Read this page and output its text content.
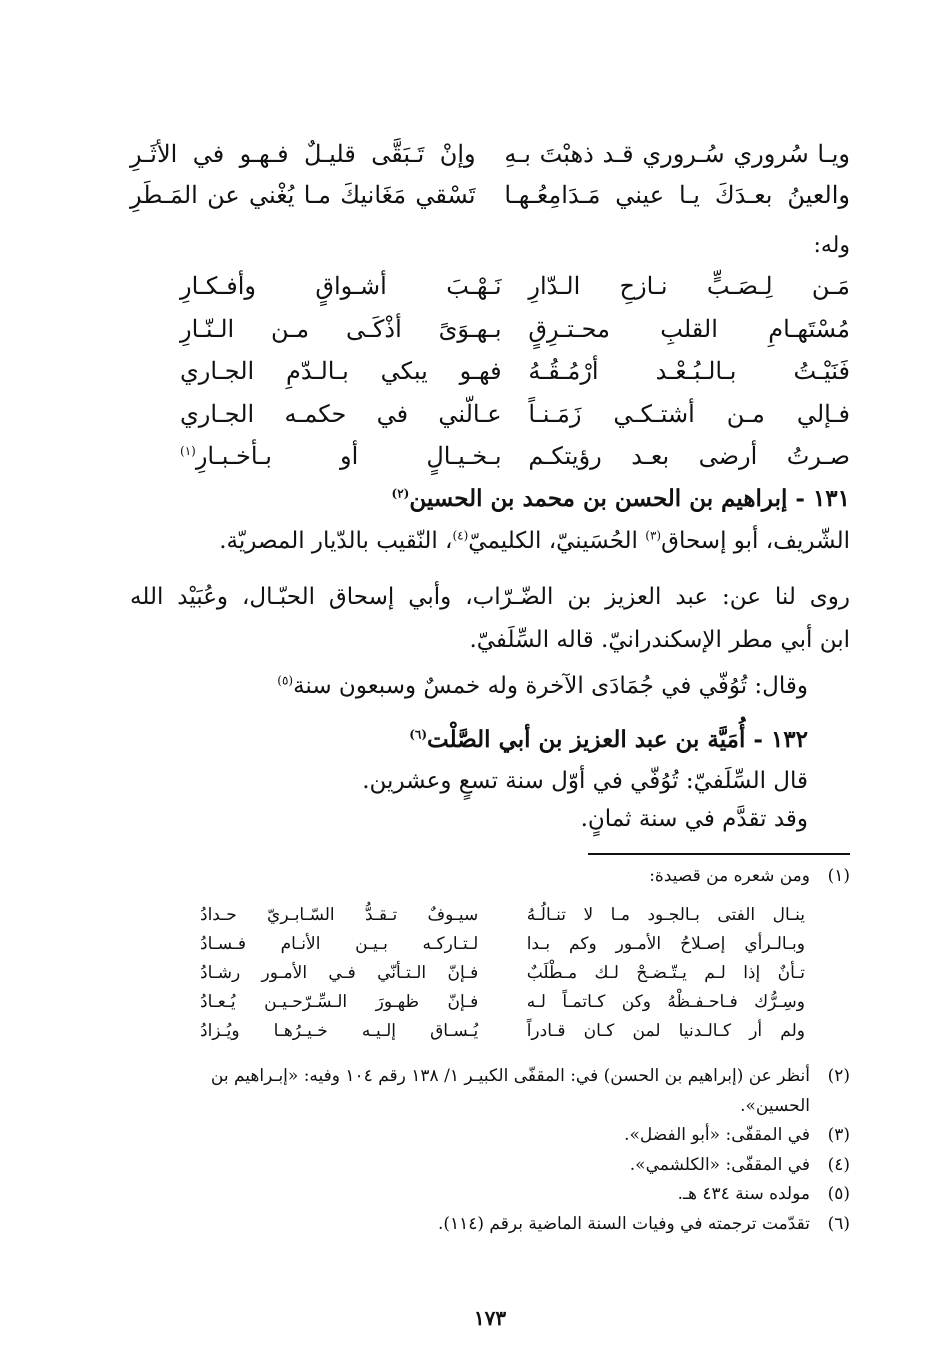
ويـا سُروري سُـروري قـد ذهبْتَ بـهِ
وإنْ تَـبَقَّى قليـلٌ فـهـو في الأثَـرِ
والعينُ بعـدَكَ يـا عيني مَـدَامِعُـهـا
تَسْقي مَغَانيكَ مـا يُغْني عن المَـطَرِ
وله:
مَـن لِـصَـبٍّ نـازحِ الـدّارِ
نَـهْـبَ أشـواقٍ وأفـكـارِ
مُسْتَهـامِ القلبِ محـتـرِقٍ
بـهـوَىً أذْكَـى مـن الـنّـارِ
فَنَيْـتُ بـالـبُـعْـد أرْمُـقُـهُ
فهـو يبكي بـالـدّمِ الجـاري
فـإلي مـن أشتـكـي زَمَـنـاً
عـالّني في حكمـه الجـاري
صـرتُ أرضى بعـد رؤيتكـم
بـخـيـالٍ أو بـأخـبـارِ$^{(١)}$
١٣١ - إبراهيم بن الحسن بن محمد بن الحسين$^{(٢)}$
الشّريف، أبو إسحاق$^{(٣)}$ الحُسَينيّ، الكليميّ$^{(٤)}$، النّقيب بالدّيار المصريّة.
روى لنا عن: عبد العزيز بن الضّـرّاب، وأبي إسحاق الحبّـال، وعُبَيْد الله
ابن أبي مطر الإسكندرانيّ. قاله السِّلَفيّ.
وقال: تُوُفّي في جُمَادَى الآخرة وله خمسٌ وسبعون سنة$^{(٥)}$
١٣٢ - أُمَيَّة بن عبد العزيز بن أبي الصَّلْت$^{(٦)}$
قال السِّلَفيّ: تُوُفّي في أوّل سنة تسعٍ وعشرين.
وقد تقدَّم في سنة ثمانٍ.
(١)ومن شعره من قصيدة:
ينـال الفتى بـالجـود مـا لا تنـالُـهُ
سيـوفٌ تـقـدُّ السّـابـريّ حـدادُ
وبـالـرأي إصـلاحُ الأمـور وكم بـدا
لـتـاركـه بـيـن الأنـام فـسـادُ
تـأنٌ إذا لـم يـتّـضـحْ لـك مـطْلَبٌ
فـإنّ الـتـأنّي فـي الأمـور رشـادُ
وسِـرُّك فـاحـفـظْهُ وكن كـاتمـاً لـه
فـإنّ ظهـورَ الـسِّـرّحـيـن يُـعـادُ
ولم أر كـالـدنيا لمن كـان قـادراً
يُـسـاق إلـيـه خـيـرُهـا ويُـزادُ
(٢)أنظر عن (إبراهيم بن الحسن) في: المقفّى الكبيـر ١/ ١٣٨ رقم ١٠٤ وفيه: «إبـراهيم بن
الحسين».
(٣)في المقفّى: «أبو الفضل».
(٤)في المقفّى: «الكلشمي».
(٥)مولده سنة ٤٣٤ هـ.
(٦)تقدّمت ترجمته في وفيات السنة الماضية برقم (١١٤).
١٧٣
